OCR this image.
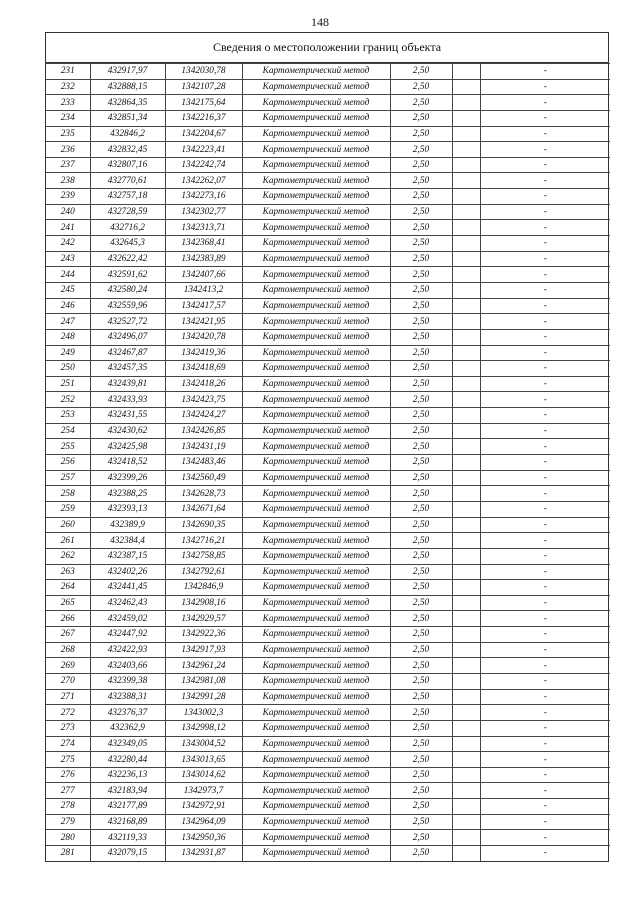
148
Сведения о местоположении границ объекта
231	432917,97	1342030,78	Картометрический метод	2,50		-
232	432888,15	1342107,28	Картометрический метод	2,50		-
233	432864,35	1342175,64	Картометрический метод	2,50		-
234	432851,34	1342216,37	Картометрический метод	2,50		-
235	432846,2	1342204,67	Картометрический метод	2,50		-
236	432832,45	1342223,41	Картометрический метод	2,50		-
237	432807,16	1342242,74	Картометрический метод	2,50		-
238	432770,61	1342262,07	Картометрический метод	2,50		-
239	432757,18	1342273,16	Картометрический метод	2,50		-
240	432728,59	1342302,77	Картометрический метод	2,50		-
241	432716,2	1342313,71	Картометрический метод	2,50		-
242	432645,3	1342368,41	Картометрический метод	2,50		-
243	432622,42	1342383,89	Картометрический метод	2,50		-
244	432591,62	1342407,66	Картометрический метод	2,50		-
245	432580,24	1342413,2	Картометрический метод	2,50		-
246	432559,96	1342417,57	Картометрический метод	2,50		-
247	432527,72	1342421,95	Картометрический метод	2,50		-
248	432496,07	1342420,78	Картометрический метод	2,50		-
249	432467,87	1342419,36	Картометрический метод	2,50		-
250	432457,35	1342418,69	Картометрический метод	2,50		-
251	432439,81	1342418,26	Картометрический метод	2,50		-
252	432433,93	1342423,75	Картометрический метод	2,50		-
253	432431,55	1342424,27	Картометрический метод	2,50		-
254	432430,62	1342426,85	Картометрический метод	2,50		-
255	432425,98	1342431,19	Картометрический метод	2,50		-
256	432418,52	1342483,46	Картометрический метод	2,50		-
257	432399,26	1342560,49	Картометрический метод	2,50		-
258	432388,25	1342628,73	Картометрический метод	2,50		-
259	432393,13	1342671,64	Картометрический метод	2,50		-
260	432389,9	1342690,35	Картометрический метод	2,50		-
261	432384,4	1342716,21	Картометрический метод	2,50		-
262	432387,15	1342758,85	Картометрический метод	2,50		-
263	432402,26	1342792,61	Картометрический метод	2,50		-
264	432441,45	1342846,9	Картометрический метод	2,50		-
265	432462,43	1342908,16	Картометрический метод	2,50		-
266	432459,02	1342929,57	Картометрический метод	2,50		-
267	432447,92	1342922,36	Картометрический метод	2,50		-
268	432422,93	1342917,93	Картометрический метод	2,50		-
269	432403,66	1342961,24	Картометрический метод	2,50		-
270	432399,38	1342981,08	Картометрический метод	2,50		-
271	432388,31	1342991,28	Картометрический метод	2,50		-
272	432376,37	1343002,3	Картометрический метод	2,50		-
273	432362,9	1342998,12	Картометрический метод	2,50		-
274	432349,05	1343004,52	Картометрический метод	2,50		-
275	432280,44	1343013,65	Картометрический метод	2,50		-
276	432236,13	1343014,62	Картометрический метод	2,50		-
277	432183,94	1342973,7	Картометрический метод	2,50		-
278	432177,89	1342972,91	Картометрический метод	2,50		-
279	432168,89	1342964,09	Картометрический метод	2,50		-
280	432119,33	1342950,36	Картометрический метод	2,50		-
281	432079,15	1342931,87	Картометрический метод	2,50		-
